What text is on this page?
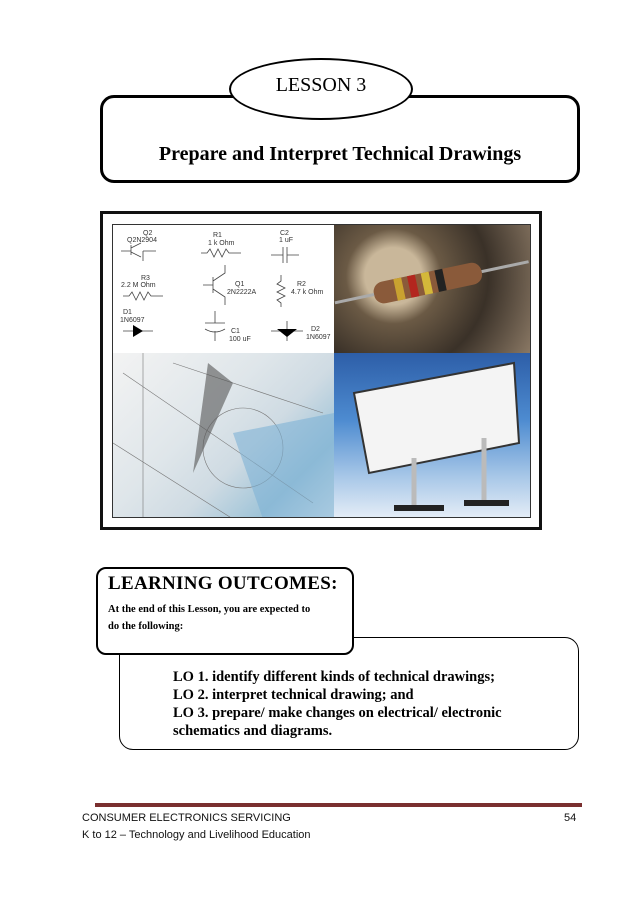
Prepare and Interpret Technical Drawings
LESSON 3
Q2
Q2N2904
R1
1 k Ohm
C2
1 uF
R3
2.2 M Ohm	Q1
2N2222A
R2
4.7 k Ohm
D1
1N6097
C1
100 uF
D2
1N6097
LEARNING OUTCOMES:
At the end of this Lesson, you are expected to
do the following:
LO 1. identify different kinds of technical drawings;
LO 2. interpret technical drawing; and
LO 3. prepare/ make changes on electrical/ electronic
schematics and diagrams.
CONSUMER ELECTRONICS SERVICING
K to 12 – Technology and Livelihood Education
54
